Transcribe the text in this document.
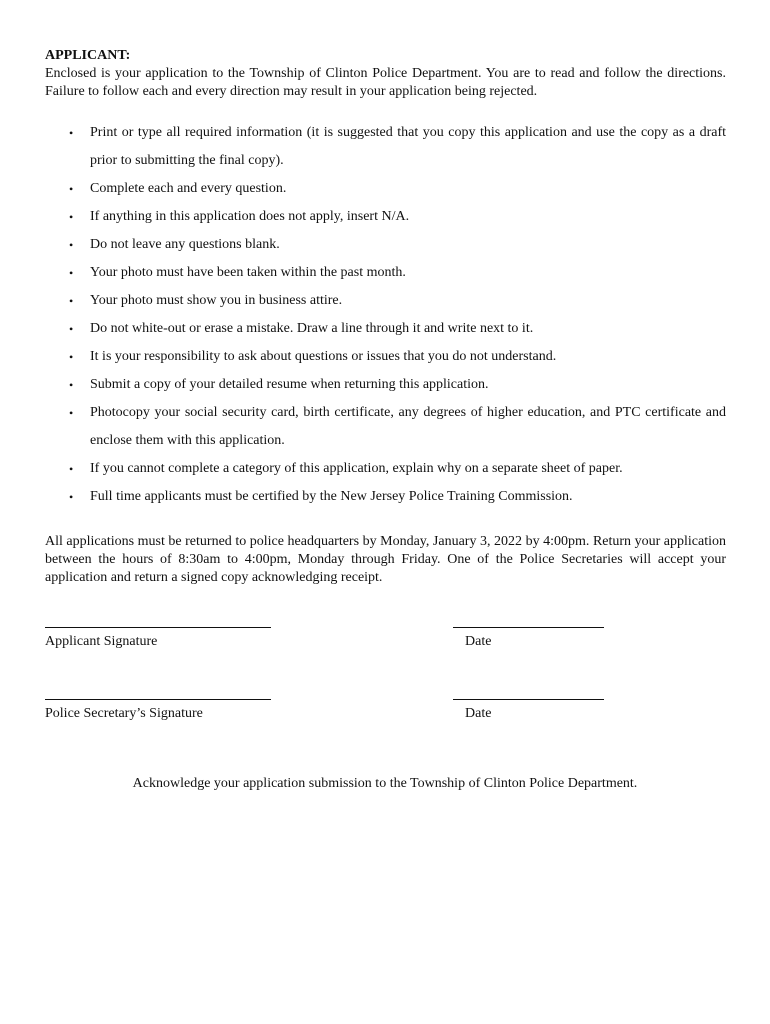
APPLICANT:

Enclosed is your application to the Township of Clinton Police Department. You are to read and follow the directions. Failure to follow each and every direction may result in your application being rejected.

•	Print or type all required information (it is suggested that you copy this application and use the copy as a draft prior to submitting the final copy).
•	Complete each and every question.
•	If anything in this application does not apply, insert N/A.
•	Do not leave any questions blank.
•	Your photo must have been taken within the past month.
•	Your photo must show you in business attire.
•	Do not white-out or erase a mistake. Draw a line through it and write next to it.
•	It is your responsibility to ask about questions or issues that you do not understand.
•	Submit a copy of your detailed resume when returning this application.
•	Photocopy your social security card, birth certificate, any degrees of higher education, and PTC certificate and enclose them with this application.
•	If you cannot complete a category of this application, explain why on a separate sheet of paper.
•	Full time applicants must be certified by the New Jersey Police Training Commission.

All applications must be returned to police headquarters by Monday, January 3, 2022 by 4:00pm. Return your application between the hours of 8:30am to 4:00pm, Monday through Friday. One of the Police Secretaries will accept your application and return a signed copy acknowledging receipt.

Applicant Signature	Date
Police Secretary’s Signature	Date
Acknowledge your application submission to the Township of Clinton Police Department.
